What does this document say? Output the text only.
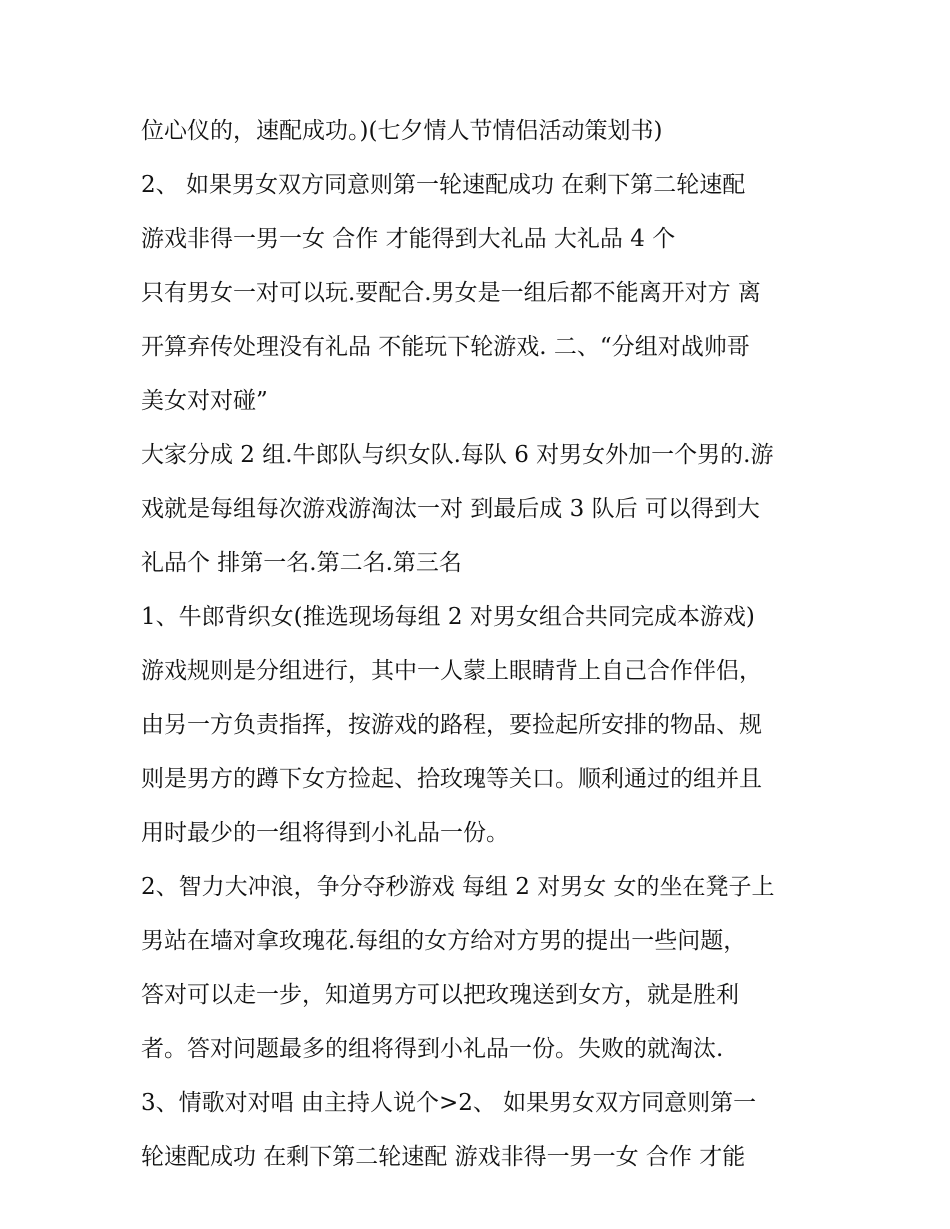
位心仪的，速配成功。)(七夕情人节情侣活动策划书)
2、 如果男女双方同意则第一轮速配成功 在剩下第二轮速配
游戏非得一男一女 合作 才能得到大礼品 大礼品 4 个
只有男女一对可以玩.要配合.男女是一组后都不能离开对方 离
开算弃传处理没有礼品 不能玩下轮游戏. 二、“分组对战帅哥
美女对对碰”
大家分成 2 组.牛郎队与织女队.每队 6 对男女外加一个男的.游
戏就是每组每次游戏游淘汰一对 到最后成 3 队后 可以得到大
礼品个 排第一名.第二名.第三名
1、牛郎背织女(推选现场每组 2 对男女组合共同完成本游戏)
游戏规则是分组进行，其中一人蒙上眼睛背上自己合作伴侣，
由另一方负责指挥，按游戏的路程，要捡起所安排的物品、规
则是男方的蹲下女方捡起、拾玫瑰等关口。顺利通过的组并且
用时最少的一组将得到小礼品一份。
2、智力大冲浪，争分夺秒游戏 每组 2 对男女 女的坐在凳子上
男站在墙对拿玫瑰花.每组的女方给对方男的提出一些问题，
答对可以走一步，知道男方可以把玫瑰送到女方，就是胜利
者。答对问题最多的组将得到小礼品一份。失败的就淘汰.
3、情歌对对唱 由主持人说个>2、 如果男女双方同意则第一
轮速配成功 在剩下第二轮速配 游戏非得一男一女 合作 才能
